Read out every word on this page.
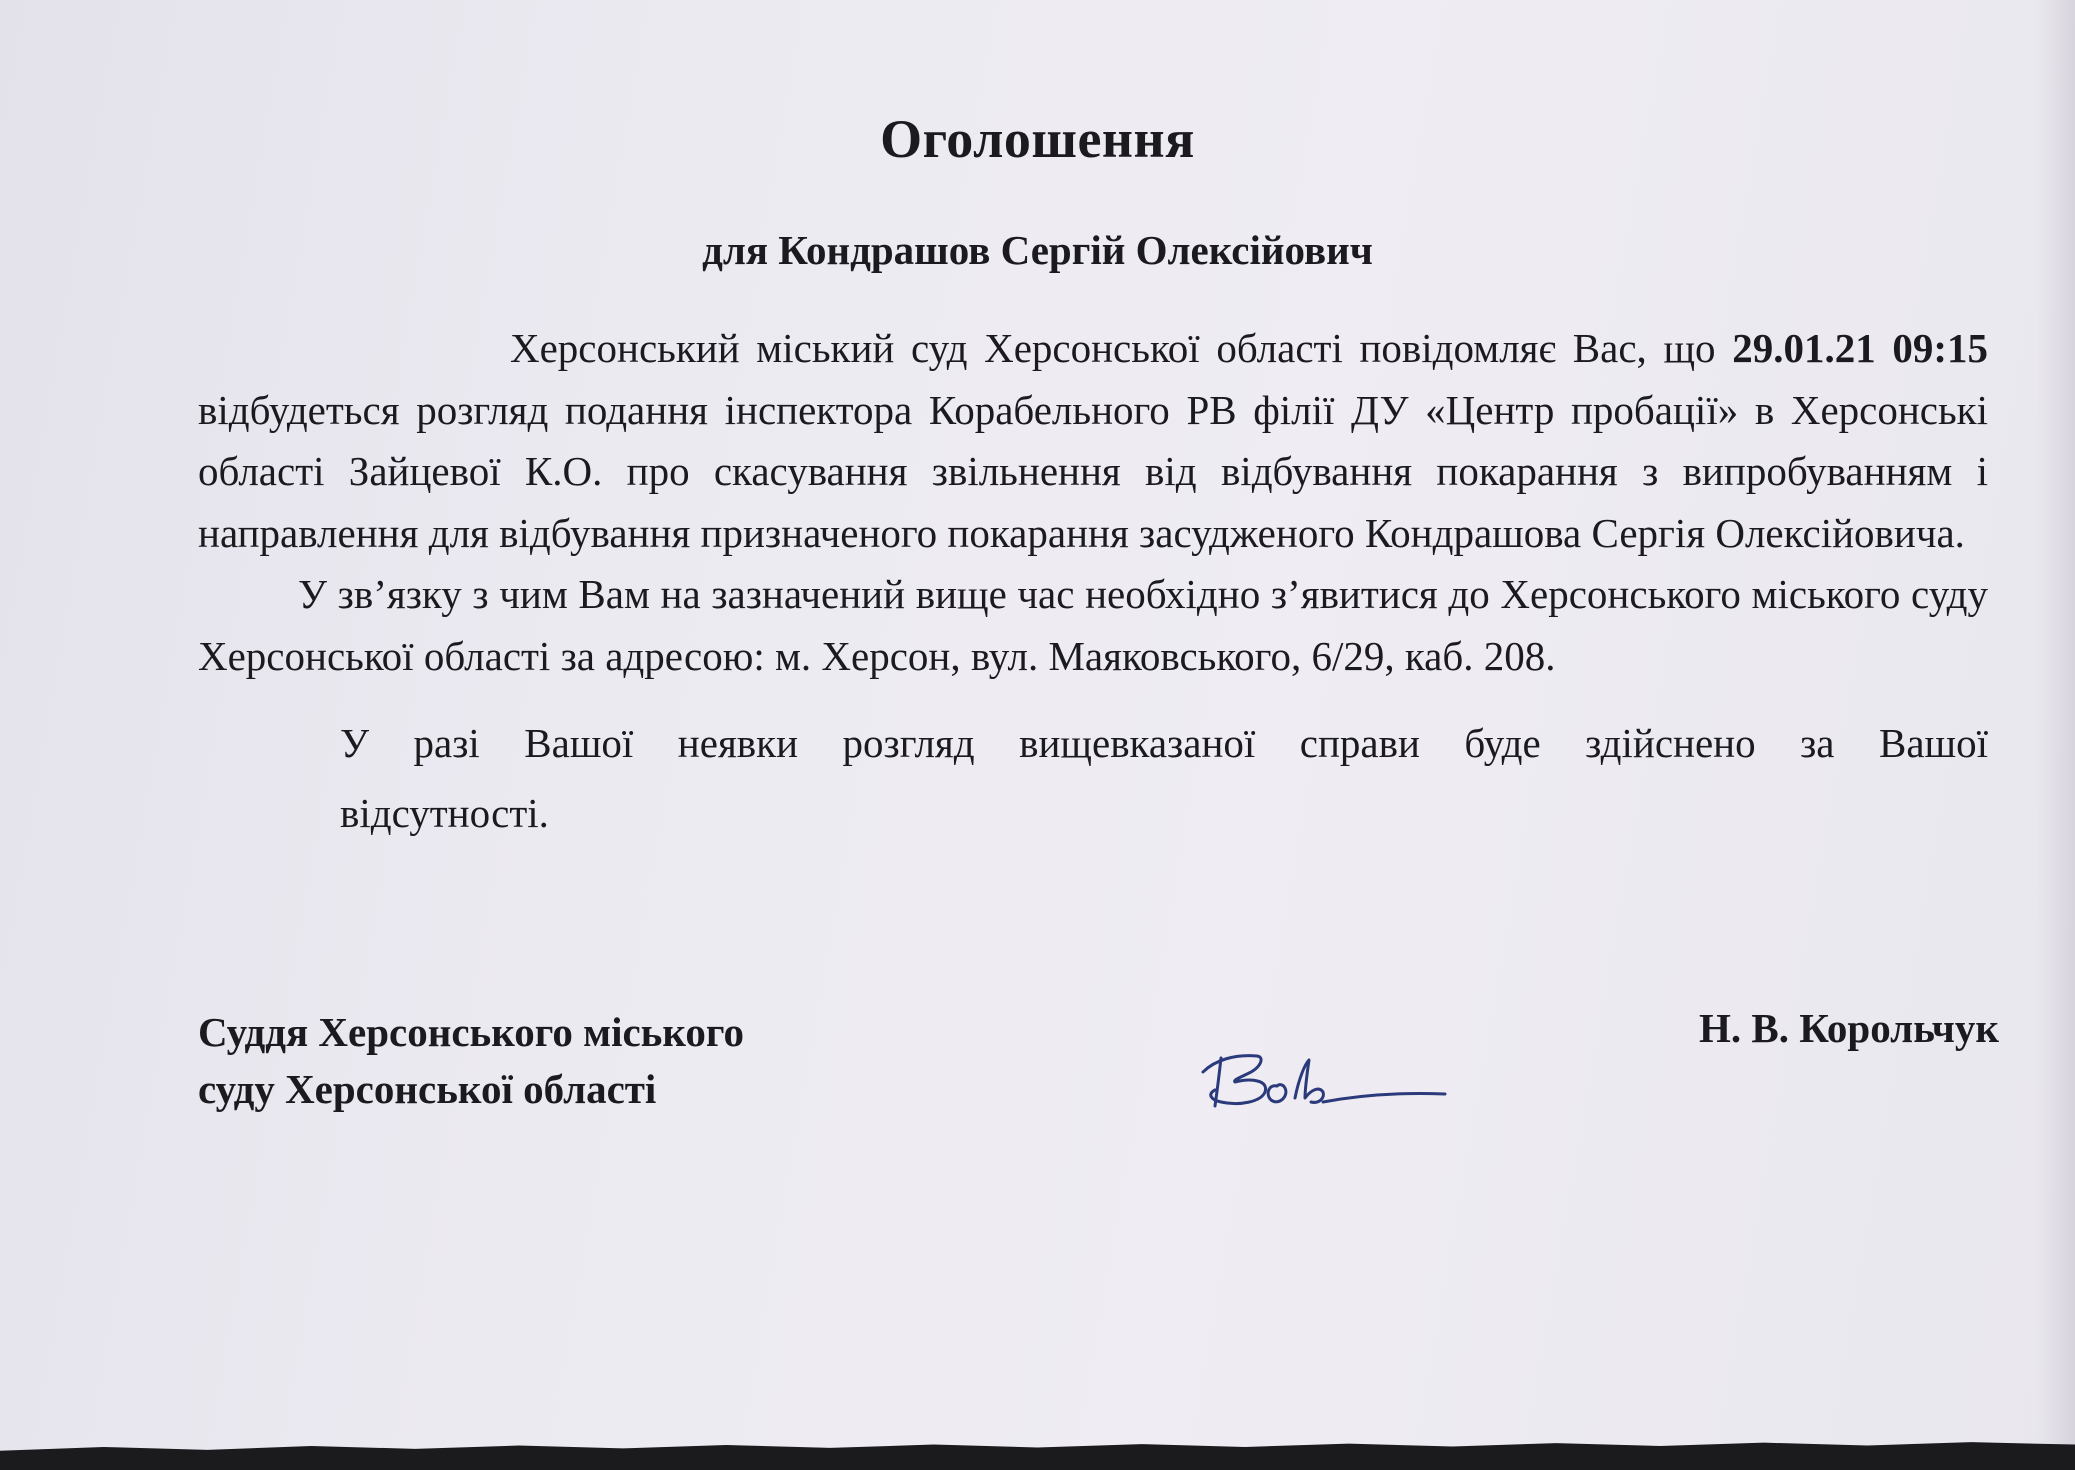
Оголошення
для Кондрашов Сергій Олексійович

Херсонський міський суд Херсонської області повідомляє Вас, що 29.01.21 09:15 відбудеться розгляд подання інспектора Корабельного РВ філії ДУ «Центр пробації» в Херсонські області Зайцевої К.О. про скасування звільнення від відбування покарання з випробуванням і направлення для відбування призначеного покарання засудженого Кондрашова Сергія Олексійовича.

У зв’язку з чим Вам на зазначений вище час необхідно з’явитися до Херсонського міського суду Херсонської області за адресою: м. Херсон, вул. Маяковського, 6/29, каб. 208.

У разі Вашої неявки розгляд вищевказаної справи буде здійснено за Вашої відсутності.

Суддя Херсонського міського
суду Херсонської області
Н. В. Корольчук
